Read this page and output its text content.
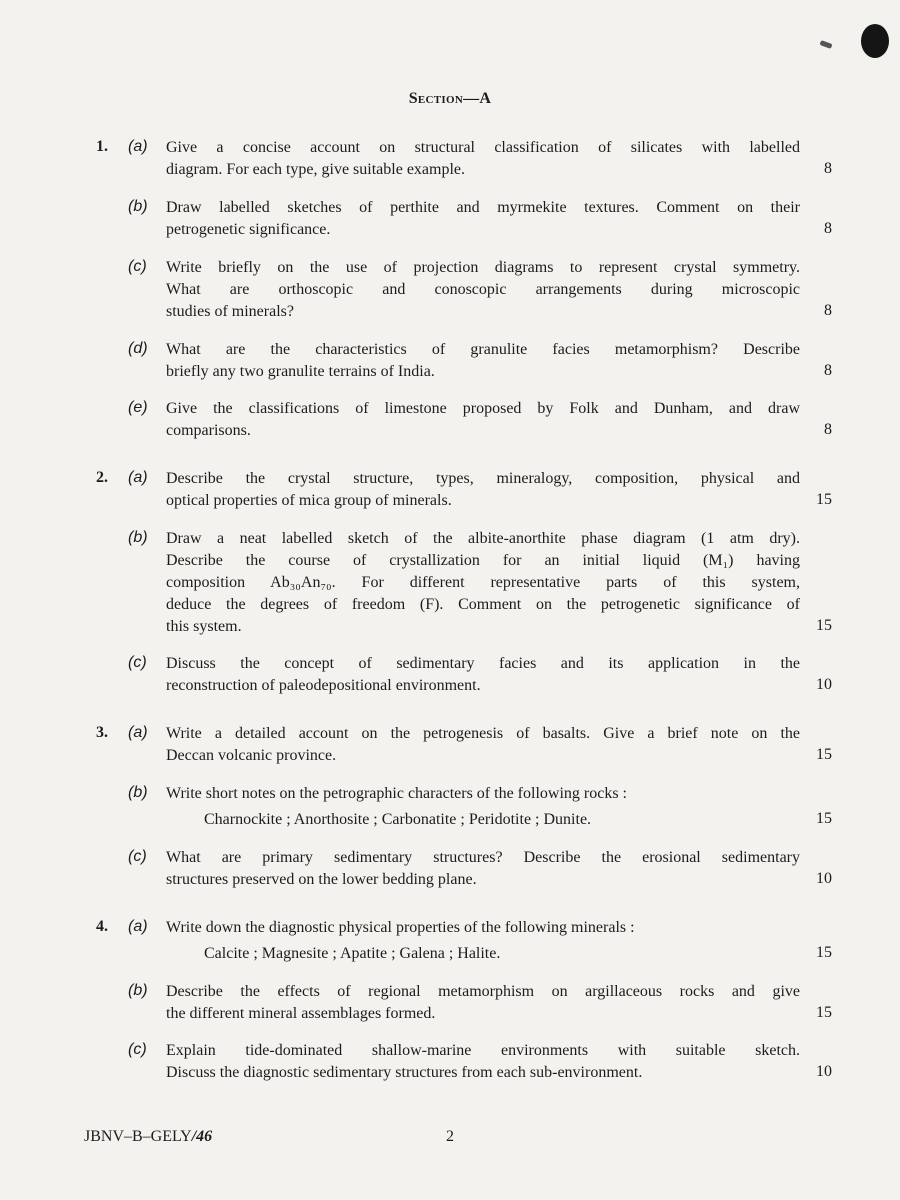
Section—A
1. (a) Give a concise account on structural classification of silicates with labelled
diagram. For each type, give suitable example.	8
(b) Draw labelled sketches of perthite and myrmekite textures. Comment on their
petrogenetic significance.	8
(c) Write briefly on the use of projection diagrams to represent crystal symmetry.
What are orthoscopic and conoscopic arrangements during microscopic
studies of minerals?	8
(d) What are the characteristics of granulite facies metamorphism? Describe
briefly any two granulite terrains of India.	8
(e) Give the classifications of limestone proposed by Folk and Dunham, and draw
comparisons.	8
2. (a) Describe the crystal structure, types, mineralogy, composition, physical and
optical properties of mica group of minerals.	15
(b) Draw a neat labelled sketch of the albite-anorthite phase diagram (1 atm dry).
Describe the course of crystallization for an initial liquid (M₁) having
composition Ab₃₀An₇₀. For different representative parts of this system,
deduce the degrees of freedom (F). Comment on the petrogenetic significance of
this system.	15
(c) Discuss the concept of sedimentary facies and its application in the
reconstruction of paleodepositional environment.	10
3. (a) Write a detailed account on the petrogenesis of basalts. Give a brief note on the
Deccan volcanic province.	15
(b) Write short notes on the petrographic characters of the following rocks :
Charnockite ; Anorthosite ; Carbonatite ; Peridotite ; Dunite.	15
(c) What are primary sedimentary structures? Describe the erosional sedimentary
structures preserved on the lower bedding plane.	10
4. (a) Write down the diagnostic physical properties of the following minerals :
Calcite ; Magnesite ; Apatite ; Galena ; Halite.	15
(b) Describe the effects of regional metamorphism on argillaceous rocks and give
the different mineral assemblages formed.	15
(c) Explain tide-dominated shallow-marine environments with suitable sketch.
Discuss the diagnostic sedimentary structures from each sub-environment.	10
JBNV–B–GELY/46	2
